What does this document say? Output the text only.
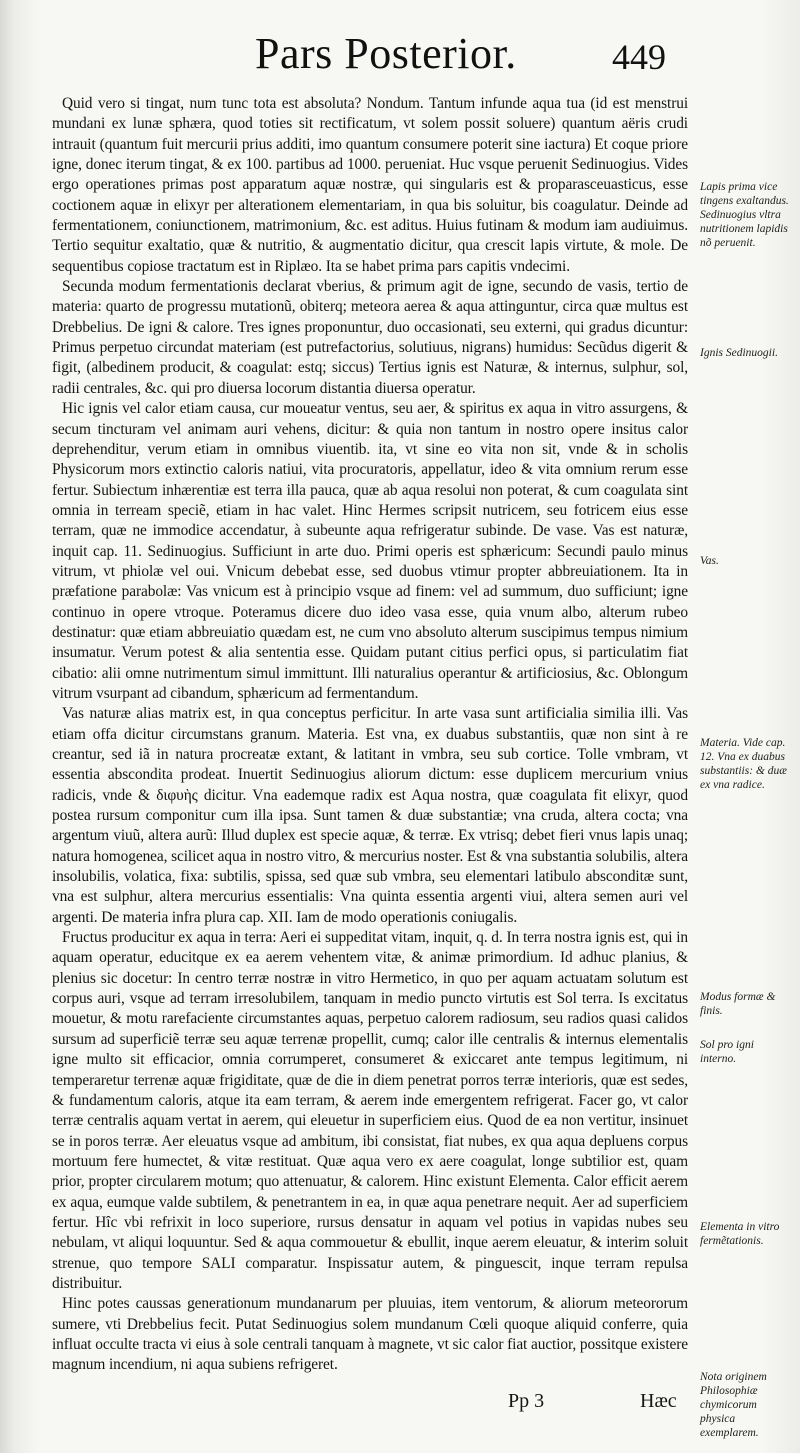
Pars Posterior.	449

Quid vero si tingat, num tunc tota est absoluta? Nondum. Tantum infunde aqua tua (id est menstrui mundani ex lunæ sphæra, quod toties sit rectificatum, vt solem possit soluere) quantum aëris crudi intrauit (quantum fuit mercurii prius additi, imo quantum consumere poterit sine iactura) Et coque priore igne, donec iterum tingat, & ex 100. partibus ad 1000. perueniat. Huc vsque peruenit Sedinuogius. Vides ergo operationes primas post apparatum aquæ nostræ, qui singularis est & proparasceuasticus, esse coctionem aquæ in elixyr per alterationem elementariam, in qua bis soluitur, bis coagulatur. Deinde ad fermentationem, coniunctionem, matrimonium, &c. est aditus. Huius futinam & modum iam audiuimus. Tertio sequitur exaltatio, quæ & nutritio, & augmentatio dicitur, qua crescit lapis virtute, & mole. De sequentibus copiose tractatum est in Riplæo. Ita se habet prima pars capitis vndecimi.

Secunda modum fermentationis declarat vberius, & primum agit de igne, secundo de vasis, tertio de materia: quarto de progressu mutationũ, obiterq; meteora aerea & aqua attinguntur, circa quæ multus est Drebbelius. De igni & calore. Tres ignes proponuntur, duo occasionati, seu externi, qui gradus dicuntur: Primus perpetuo circundat materiam (est putrefactorius, solutiuus, nigrans) humidus: Secũdus digerit & figit, (albedinem producit, & coagulat: estq; siccus) Tertius ignis est Naturæ, & internus, sulphur, sol, radii centrales, &c. qui pro diuersa locorum distantia diuersa operatur.

Hic ignis vel calor etiam causa, cur moueatur ventus, seu aer, & spiritus ex aqua in vitro assurgens, & secum tincturam vel animam auri vehens, dicitur: & quia non tantum in nostro opere insitus calor deprehenditur, verum etiam in omnibus viuentib. ita, vt sine eo vita non sit, vnde & in scholis Physicorum mors extinctio caloris natiui, vita procuratoris, appellatur, ideo & vita omnium rerum esse fertur. Subiectum inhærentiæ est terra illa pauca, quæ ab aqua resolui non poterat, & cum coagulata sint omnia in terream speciẽ, etiam in hac valet. Hinc Hermes scripsit nutricem, seu fotricem eius esse terram, quæ ne immodice accendatur, à subeunte aqua refrigeratur subinde. De vase. Vas est naturæ, inquit cap. 11. Sedinuogius. Sufficiunt in arte duo. Primi operis est sphæricum: Secundi paulo minus vitrum, vt phiolæ vel oui. Vnicum debebat esse, sed duobus vtimur propter abbreuiationem. Ita in præfatione parabolæ: Vas vnicum est à principio vsque ad finem: vel ad summum, duo sufficiunt; igne continuo in opere vtroque. Poteramus dicere duo ideo vasa esse, quia vnum albo, alterum rubeo destinatur: quæ etiam abbreuiatio quædam est, ne cum vno absoluto alterum suscipimus tempus nimium insumatur. Verum potest & alia sententia esse. Quidam putant citius perfici opus, si particulatim fiat cibatio: alii omne nutrimentum simul immittunt. Illi naturalius operantur & artificiosius, &c. Oblongum vitrum vsurpant ad cibandum, sphæricum ad fermentandum.

Vas naturæ alias matrix est, in qua conceptus perficitur. In arte vasa sunt artificialia similia illi. Vas etiam offa dicitur circumstans granum. Materia. Est vna, ex duabus substantiis, quæ non sint à re creantur, sed iã in natura procreatæ extant, & latitant in vmbra, seu sub cortice. Tolle vmbram, vt essentia abscondita prodeat. Inuertit Sedinuogius aliorum dictum: esse duplicem mercurium vnius radicis, vnde & διφυὴς dicitur. Vna eademque radix est Aqua nostra, quæ coagulata fit elixyr, quod postea rursum componitur cum illa ipsa. Sunt tamen & duæ substantiæ; vna cruda, altera cocta; vna argentum viuũ, altera aurũ: Illud duplex est specie aquæ, & terræ. Ex vtrisq; debet fieri vnus lapis unaq; natura homogenea, scilicet aqua in nostro vitro, & mercurius noster. Est & vna substantia solubilis, altera insolubilis, volatica, fixa: subtilis, spissa, sed quæ sub vmbra, seu elementari latibulo absconditæ sunt, vna est sulphur, altera mercurius essentialis: Vna quinta essentia argenti viui, altera semen auri vel argenti. De materia infra plura cap. XII. Iam de modo operationis coniugalis.

Fructus producitur ex aqua in terra: Aeri ei suppeditat vitam, inquit, q. d. In terra nostra ignis est, qui in aquam operatur, educitque ex ea aerem vehentem vitæ, & animæ primordium. Id adhuc planius, & plenius sic docetur: In centro terræ nostræ in vitro Hermetico, in quo per aquam actuatam solutum est corpus auri, vsque ad terram irresolubilem, tanquam in medio puncto virtutis est Sol terra. Is excitatus mouetur, & motu rarefaciente circumstantes aquas, perpetuo calorem radiosum, seu radios quasi calidos sursum ad superficiẽ terræ seu aquæ terrenæ propellit, cumq; calor ille centralis & internus elementalis igne multo sit efficacior, omnia corrumperet, consumeret & exiccaret ante tempus legitimum, ni temperaretur terrenæ aquæ frigiditate, quæ de die in diem penetrat porros terræ interioris, quæ est sedes, & fundamentum caloris, atque ita eam terram, & aerem inde emergentem refrigerat. Facer go, vt calor terræ centralis aquam vertat in aerem, qui eleuetur in superficiem eius. Quod de ea non vertitur, insinuet se in poros terræ. Aer eleuatus vsque ad ambitum, ibi consistat, fiat nubes, ex qua aqua depluens corpus mortuum fere humectet, & vitæ restituat. Quæ aqua vero ex aere coagulat, longe subtilior est, quam prior, propter circularem motum; quo attenuatur, & calorem. Hinc existunt Elementa. Calor efficit aerem ex aqua, eumque valde subtilem, & penetrantem in ea, in quæ aqua penetrare nequit. Aer ad superficiem fertur. Hîc vbi refrixit in loco superiore, rursus densatur in aquam vel potius in vapidas nubes seu nebulam, vt aliqui loquuntur. Sed & aqua commouetur & ebullit, inque aerem eleuatur, & interim soluit strenue, quo tempore SALI comparatur. Inspissatur autem, & pinguescit, inque terram repulsa distribuitur.

Hinc potes caussas generationum mundanarum per pluuias, item ventorum, & aliorum meteororum sumere, vti Drebbelius fecit. Putat Sedinuogius solem mundanum Cœli quoque aliquid conferre, quia influat occulte tracta vi eius à sole centrali tanquam à magnete, vt sic calor fiat auctior, possitque existere magnum incendium, ni aqua subiens refrigeret.

Lapis prima vice tingens exaltandus. Sedinuogius vltra nutritionem lapidis nõ peruenit.

Ignis Sedinuogii.

Vas.

Materia. Vide cap. 12. Vna ex duabus substantiis: & duæ ex vna radice.

Modus formæ & finis.

Sol pro igni interno.

Elementa in vitro fermẽtationis.

Nota originem Philosophiæ chymicorum physica exemplarem.

Pp 3	Hæc
